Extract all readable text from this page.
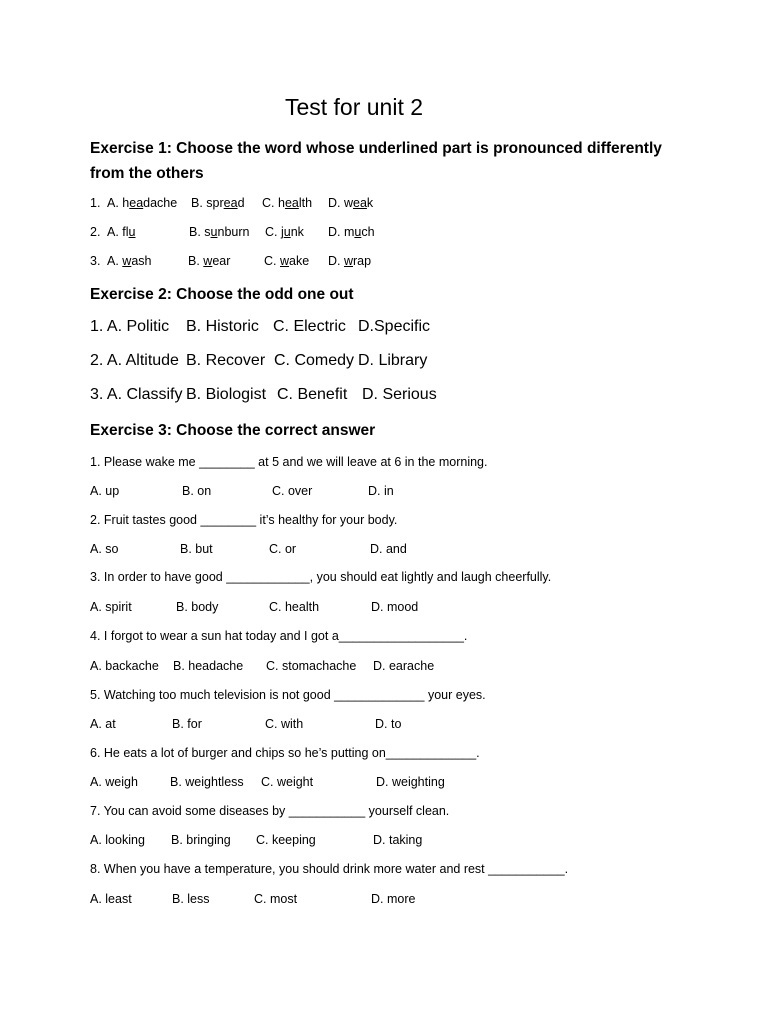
Test for unit 2
Exercise 1: Choose the word whose underlined part is pronounced differently
from the others
1. A. headache B. spread C. health D. weak
2. A. flu	B. sunburn C. junk D. much
3. A. wash	B. wear	C. wake D. wrap
Exercise 2: Choose the odd one out
1. A. Politic B. Historic C. Electric D.Specific
2. A. Altitude B. Recover C. Comedy D. Library
3. A. Classify B. Biologist C. Benefit D. Serious
Exercise 3: Choose the correct answer
1. Please wake me ________ at 5 and we will leave at 6 in the morning.
A. up	B. on	C. over	D. in
2. Fruit tastes good ________ it’s healthy for your body.
A. so	B. but	C. or	D. and
3. In order to have good ____________, you should eat lightly and laugh cheerfully.
A. spirit	B. body	C. health	D. mood
4. I forgot to wear a sun hat today and I got a__________________.
A. backache B. headache C. stomachache D. earache
5. Watching too much television is not good _____________ your eyes.
A. at	B. for	C. with	D. to
6. He eats a lot of burger and chips so he’s putting on_____________.
A. weigh	B. weightless C. weight	D. weighting
7. You can avoid some diseases by ___________ yourself clean.
A. looking B. bringing C. keeping	D. taking
8. When you have a temperature, you should drink more water and rest ___________.
A. least	B. less	C. most	D. more
